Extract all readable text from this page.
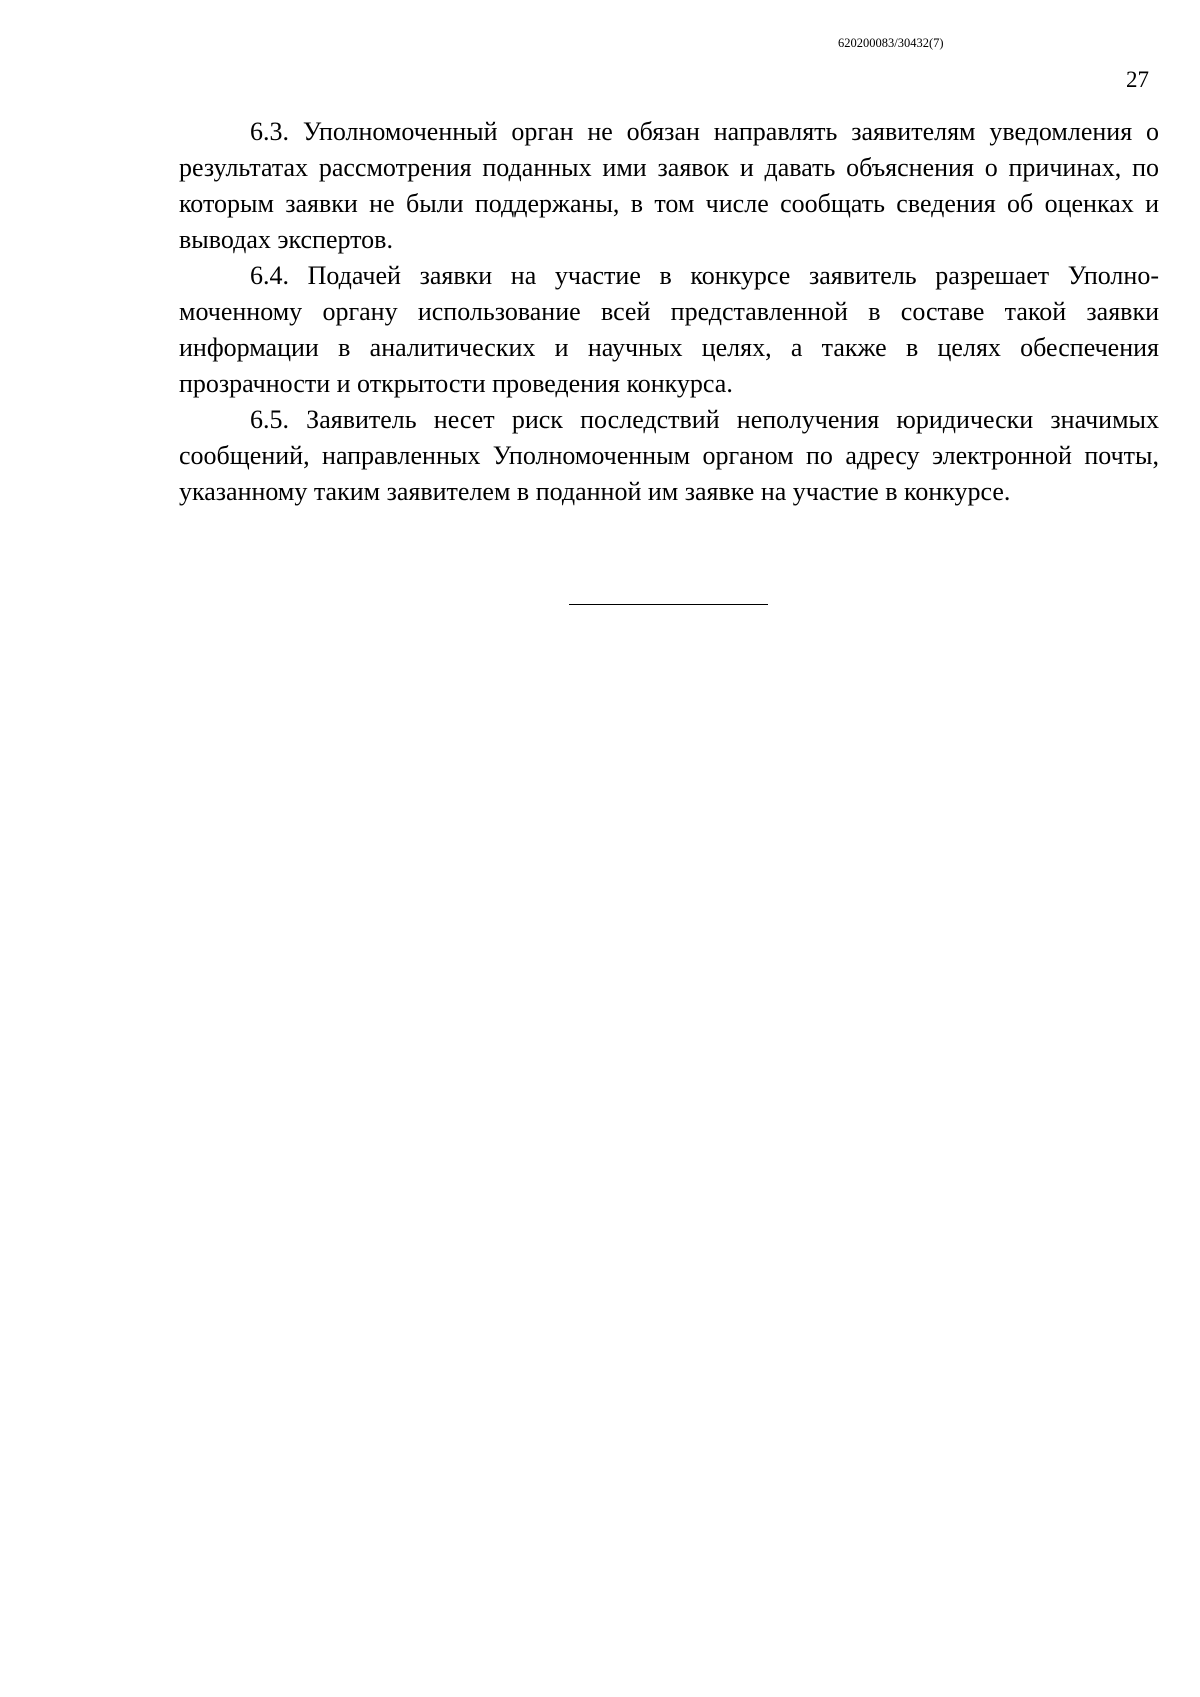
620200083/30432(7)
27

6.3. Уполномоченный орган не обязан направлять заявителям уведомления о результатах рассмотрения поданных ими заявок и давать объяснения о причинах, по которым заявки не были поддержаны, в том числе сообщать сведения об оценках и выводах экспертов.

6.4. Подачей заявки на участие в конкурсе заявитель разрешает Уполномоченному органу использование всей представленной в составе такой заявки информации в аналитических и научных целях, а также в целях обеспечения прозрачности и открытости проведения конкурса.

6.5. Заявитель несет риск последствий неполучения юридически значимых сообщений, направленных Уполномоченным органом по адресу электронной почты, указанному таким заявителем в поданной им заявке на участие в конкурсе.
